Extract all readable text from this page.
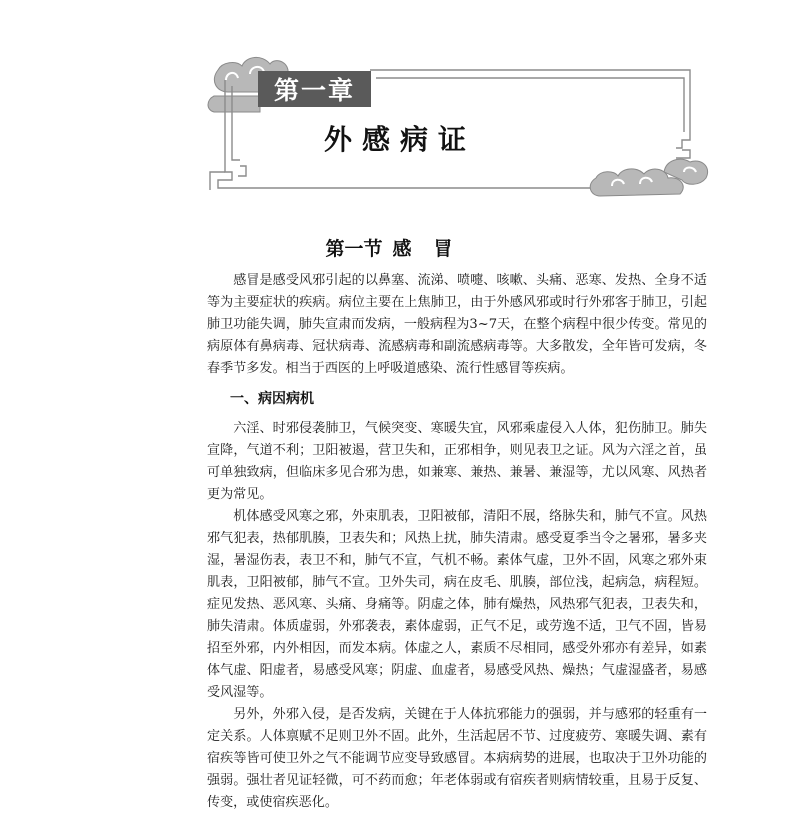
第一章
外感病证
第一节 感冒

感冒是感受风邪引起的以鼻塞、流涕、喷嚏、咳嗽、头痛、恶寒、发热、全身不适等为主要症状的疾病。病位主要在上焦肺卫，由于外感风邪或时行外邪客于肺卫，引起肺卫功能失调，肺失宣肃而发病，一般病程为3~7天，在整个病程中很少传变。常见的病原体有鼻病毒、冠状病毒、流感病毒和副流感病毒等。大多散发，全年皆可发病，冬春季节多发。相当于西医的上呼吸道感染、流行性感冒等疾病。

一、病因病机

六淫、时邪侵袭肺卫，气候突变、寒暖失宜，风邪乘虚侵入人体，犯伤肺卫。肺失宣降，气道不利；卫阳被遏，营卫失和，正邪相争，则见表卫之证。风为六淫之首，虽可单独致病，但临床多见合邪为患，如兼寒、兼热、兼暑、兼湿等，尤以风寒、风热者更为常见。

机体感受风寒之邪，外束肌表，卫阳被郁，清阳不展，络脉失和，肺气不宣。风热邪气犯表，热郁肌腠，卫表失和；风热上扰，肺失清肃。感受夏季当令之暑邪，暑多夹湿，暑湿伤表，表卫不和，肺气不宣，气机不畅。素体气虚，卫外不固，风寒之邪外束肌表，卫阳被郁，肺气不宣。卫外失司，病在皮毛、肌腠，部位浅，起病急，病程短。症见发热、恶风寒、头痛、身痛等。阴虚之体，肺有燥热，风热邪气犯表，卫表失和，肺失清肃。体质虚弱，外邪袭表，素体虚弱，正气不足，或劳逸不适，卫气不固，皆易招至外邪，内外相因，而发本病。体虚之人，素质不尽相同，感受外邪亦有差异，如素体气虚、阳虚者，易感受风寒；阴虚、血虚者，易感受风热、燥热；气虚湿盛者，易感受风湿等。

另外，外邪入侵，是否发病，关键在于人体抗邪能力的强弱，并与感邪的轻重有一定关系。人体禀赋不足则卫外不固。此外，生活起居不节、过度疲劳、寒暖失调、素有宿疾等皆可使卫外之气不能调节应变导致感冒。本病病势的进展，也取决于卫外功能的强弱。强壮者见证轻微，可不药而愈；年老体弱或有宿疾者则病情较重，且易于反复、传变，或使宿疾恶化。
